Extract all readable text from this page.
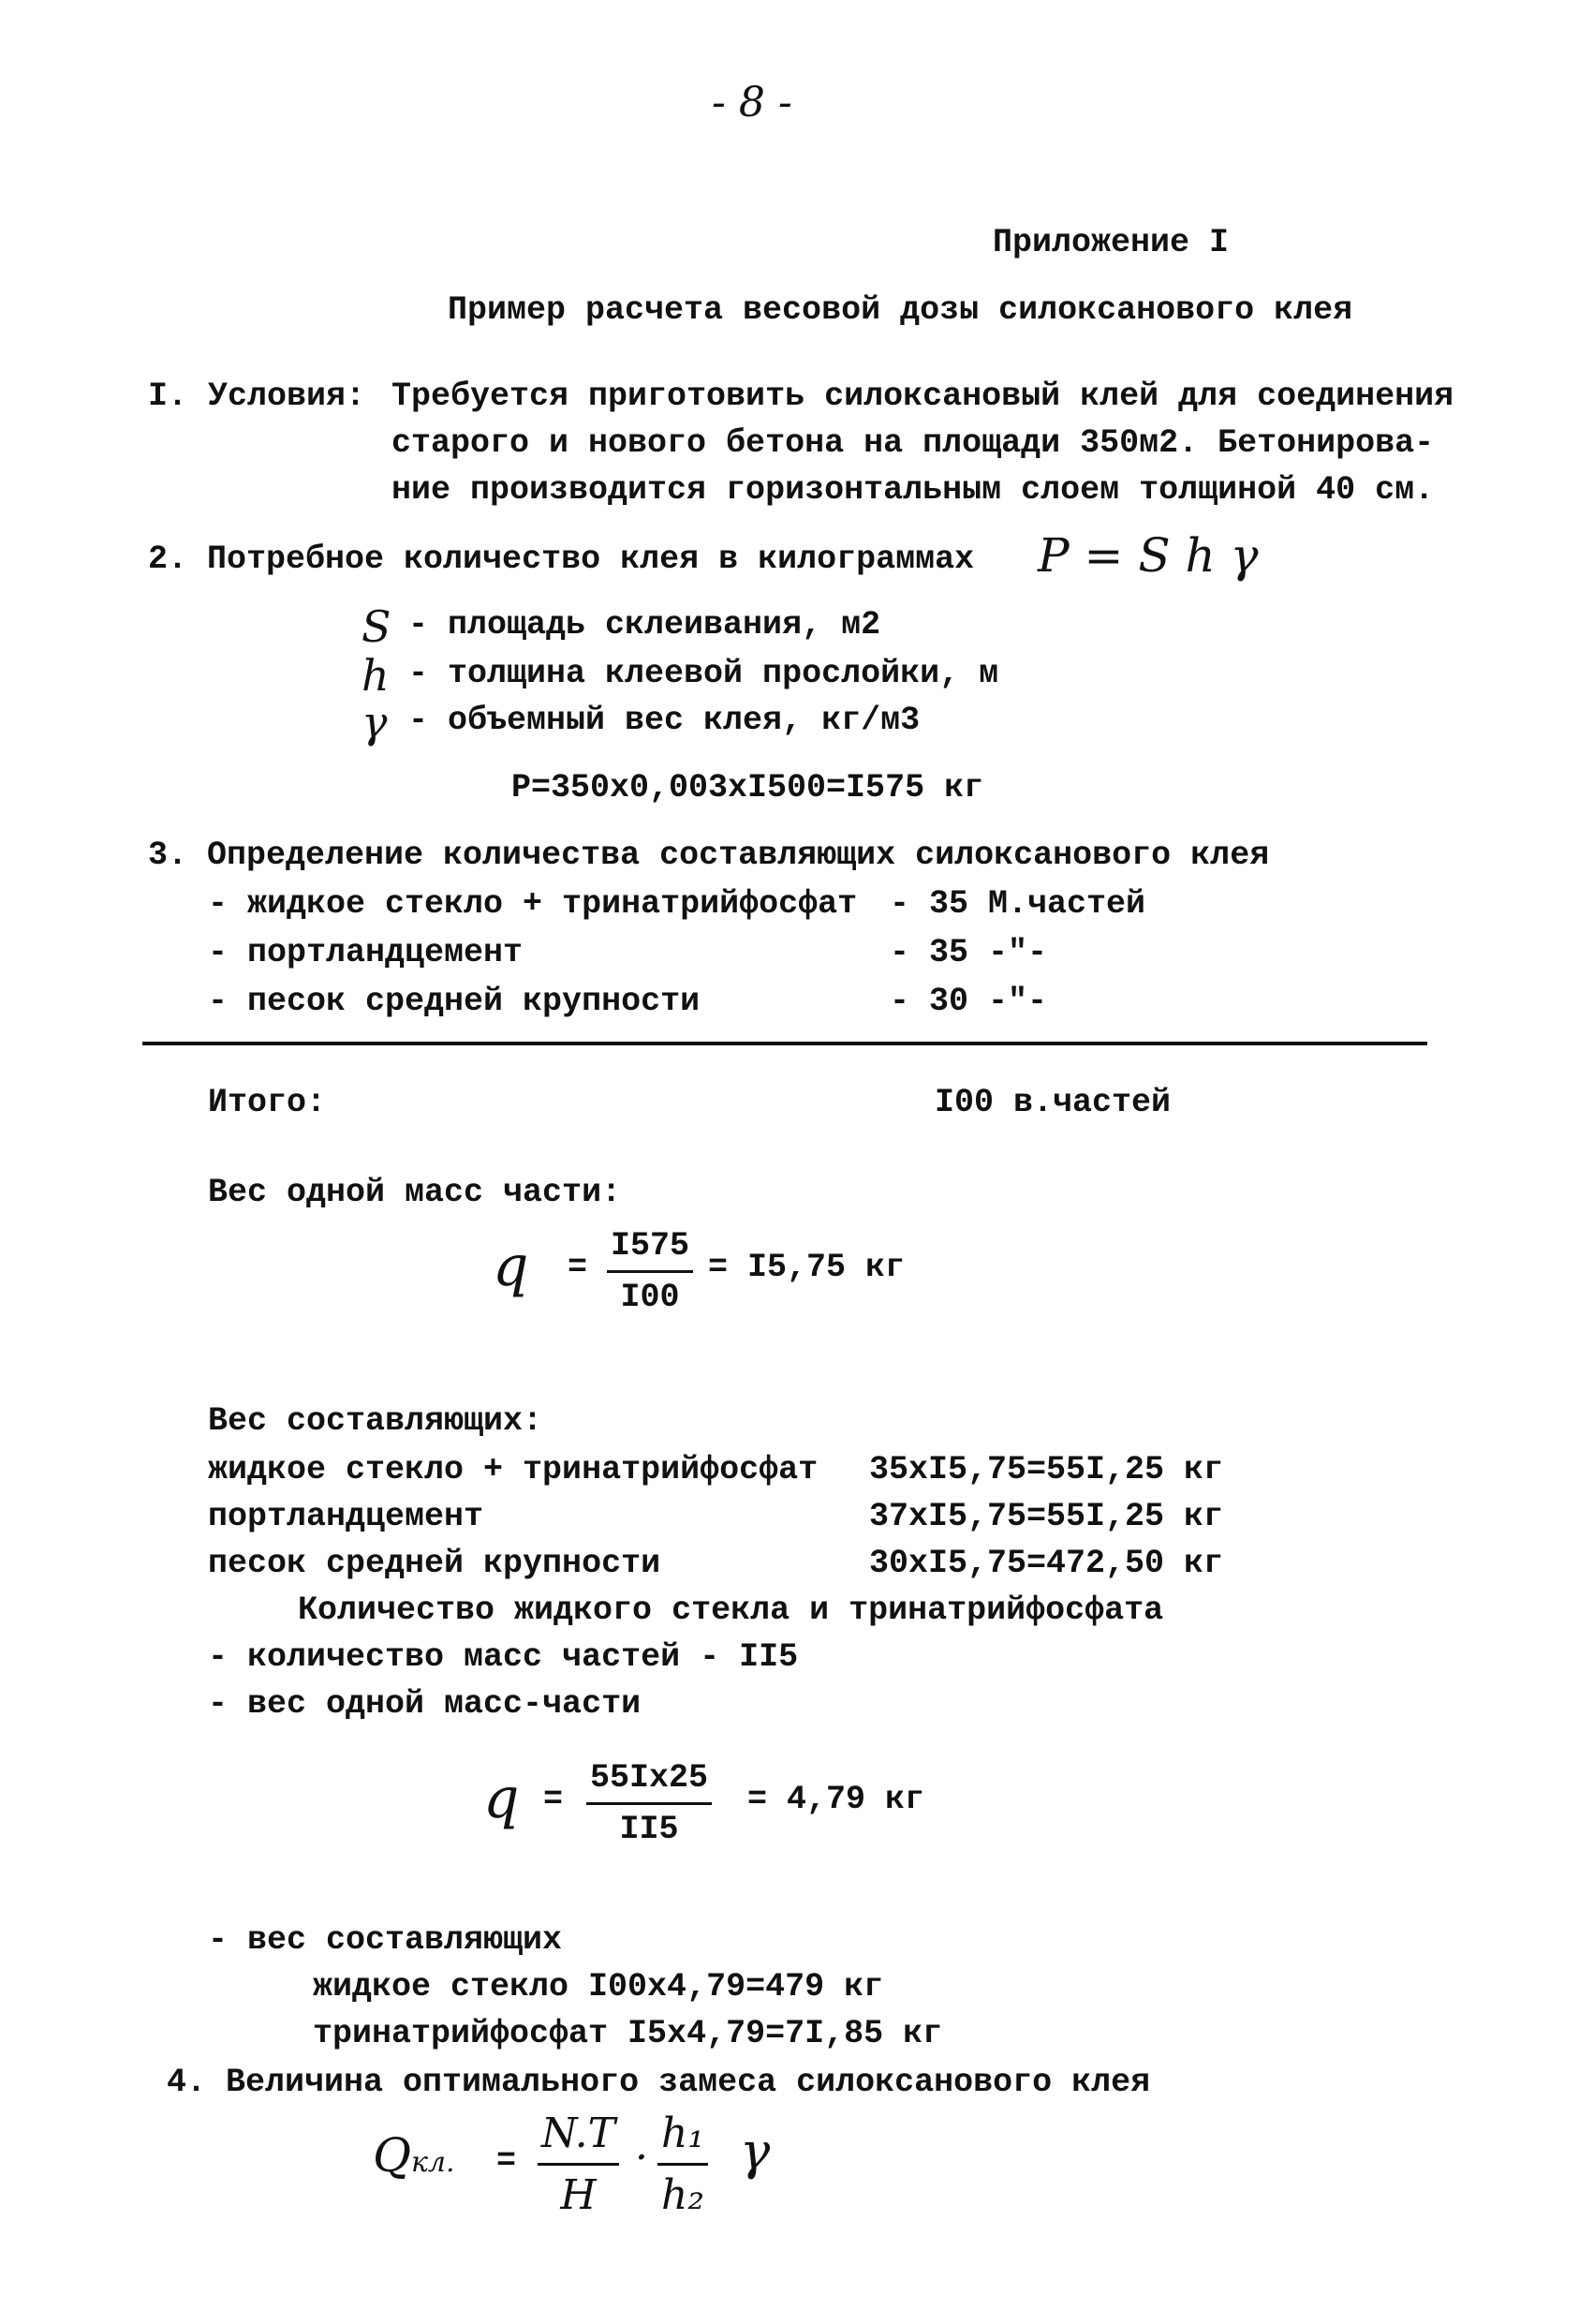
- 8 -
Приложение I
Пример расчета весовой дозы силоксанового клея
I. Условия: Требуется приготовить силоксановый клей для соединения
старого и нового бетона на площади 350м2. Бетонирова-
ние производится горизонтальным слоем толщиной 40 см.
2. Потребное количество клея в килограммах P = S h γ
S - площадь склеивания, м2
h - толщина клеевой прослойки, м
γ - объемный вес клея, кг/м3
P=350x0,003xI500=I575 кг
3. Определение количества составляющих силоксанового клея
- жидкое стекло + тринатрийфосфат - 35 М.частей
- портландцемент	- 35 -"-
- песок средней крупности	- 30 -"-
Итого:	I00 в.частей
Вес одной масс части:
$q = \frac{I575}{I00} = I5,75$ кг
Вес составляющих:
жидкое стекло + тринатрийфосфат 35xI5,75=55I,25 кг
портландцемент	37xI5,75=55I,25 кг
песок средней крупности	30xI5,75=472,50 кг
Количество жидкого стекла и тринатрийфосфата
- количество масс частей - II5
- вес одной масс-части
$q = \frac{55Ix25}{II5} = 4,79$ кг
- вес составляющих
жидкое стекло I00x4,79=479 кг
тринатрийфосфат I5x4,79=7I,85 кг
4. Величина оптимального замеса силоксанового клея
Qкл. = $\frac{N.T}{H} \cdot \frac{\text{h₁}}{\text{h₂}}$ γ
